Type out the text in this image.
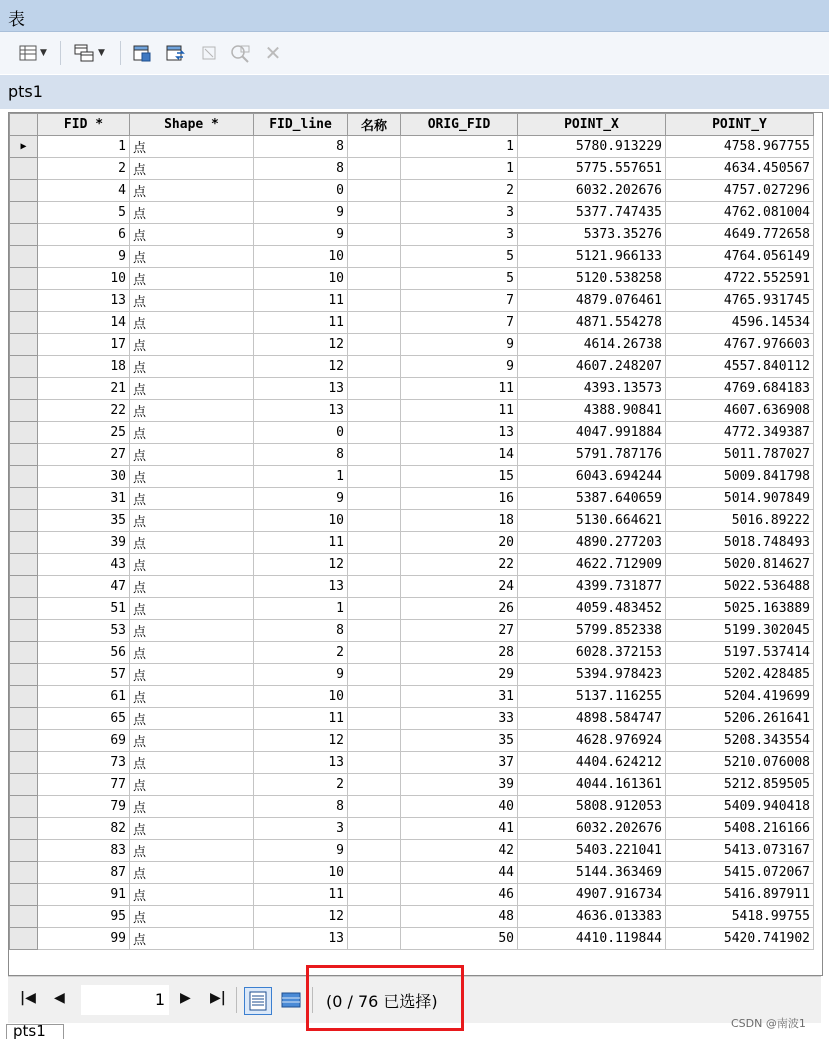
表
▼	▼	✕
pts1
	FID *	Shape *	FID_line	名称	ORIG_FID	POINT_X	POINT_Y
▶	1	点	8		1	5780.913229	4758.967755
	2	点	8		1	5775.557651	4634.450567
	4	点	0		2	6032.202676	4757.027296
	5	点	9		3	5377.747435	4762.081004
	6	点	9		3	5373.35276	4649.772658
	9	点	10		5	5121.966133	4764.056149
	10	点	10		5	5120.538258	4722.552591
	13	点	11		7	4879.076461	4765.931745
	14	点	11		7	4871.554278	4596.14534
	17	点	12		9	4614.26738	4767.976603
	18	点	12		9	4607.248207	4557.840112
	21	点	13		11	4393.13573	4769.684183
	22	点	13		11	4388.90841	4607.636908
	25	点	0		13	4047.991884	4772.349387
	27	点	8		14	5791.787176	5011.787027
	30	点	1		15	6043.694244	5009.841798
	31	点	9		16	5387.640659	5014.907849
	35	点	10		18	5130.664621	5016.89222
	39	点	11		20	4890.277203	5018.748493
	43	点	12		22	4622.712909	5020.814627
	47	点	13		24	4399.731877	5022.536488
	51	点	1		26	4059.483452	5025.163889
	53	点	8		27	5799.852338	5199.302045
	56	点	2		28	6028.372153	5197.537414
	57	点	9		29	5394.978423	5202.428485
	61	点	10		31	5137.116255	5204.419699
	65	点	11		33	4898.584747	5206.261641
	69	点	12		35	4628.976924	5208.343554
	73	点	13		37	4404.624212	5210.076008
	77	点	2		39	4044.161361	5212.859505
	79	点	8		40	5808.912053	5409.940418
	82	点	3		41	6032.202676	5408.216166
	83	点	9		42	5403.221041	5413.073167
	87	点	10		44	5144.363469	5415.072067
	91	点	11		46	4907.916734	5416.897911
	95	点	12		48	4636.013383	5418.99755
	99	点	13		50	4410.119844	5420.741902
|◀ ◀	1 ▶ ▶|	(0 / 76 已选择)
pts1	CSDN @南波1
